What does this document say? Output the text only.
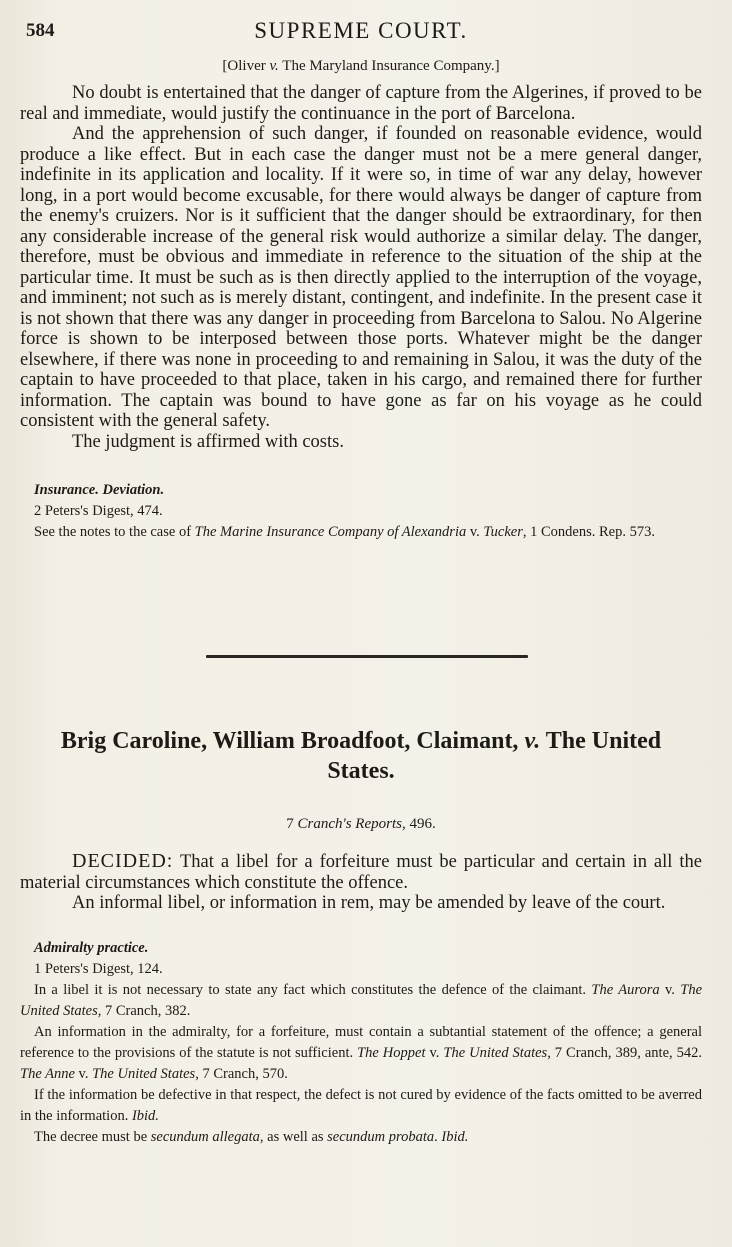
584	SUPREME COURT.
[Oliver v. The Maryland Insurance Company.]

No doubt is entertained that the danger of capture from the Algerines, if proved to be real and immediate, would justify the continuance in the port of Barcelona.

And the apprehension of such danger, if founded on reasonable evidence, would produce a like effect. But in each case the danger must not be a mere general danger, indefinite in its application and locality. If it were so, in time of war any delay, however long, in a port would become excusable, for there would always be danger of capture from the enemy's cruizers. Nor is it sufficient that the danger should be extraordinary, for then any considerable increase of the general risk would authorize a similar delay. The danger, therefore, must be obvious and immediate in reference to the situation of the ship at the particular time. It must be such as is then directly applied to the interruption of the voyage, and imminent; not such as is merely distant, contingent, and indefinite. In the present case it is not shown that there was any danger in proceeding from Barcelona to Salou. No Algerine force is shown to be interposed between those ports. Whatever might be the danger elsewhere, if there was none in proceeding to and remaining in Salou, it was the duty of the captain to have proceeded to that place, taken in his cargo, and remained there for further information. The captain was bound to have gone as far on his voyage as he could consistent with the general safety.

The judgment is affirmed with costs.

Insurance. Deviation.
2 Peters's Digest, 474.
See the notes to the case of The Marine Insurance Company of Alexandria v. Tucker, 1 Condens. Rep. 573.
Brig Caroline, William Broadfoot, Claimant, v. The United States.
7 Cranch's Reports, 496.

DECIDED: That a libel for a forfeiture must be particular and certain in all the material circumstances which constitute the offence.

An informal libel, or information in rem, may be amended by leave of the court.

Admiralty practice.
1 Peters's Digest, 124.
In a libel it is not necessary to state any fact which constitutes the defence of the claimant. The Aurora v. The United States, 7 Cranch, 382.
An information in the admiralty, for a forfeiture, must contain a subtantial statement of the offence; a general reference to the provisions of the statute is not sufficient. The Hoppet v. The United States, 7 Cranch, 389, ante, 542. The Anne v. The United States, 7 Cranch, 570.
If the information be defective in that respect, the defect is not cured by evidence of the facts omitted to be averred in the information. Ibid.
The decree must be secundum allegata, as well as secundum probata. Ibid.
